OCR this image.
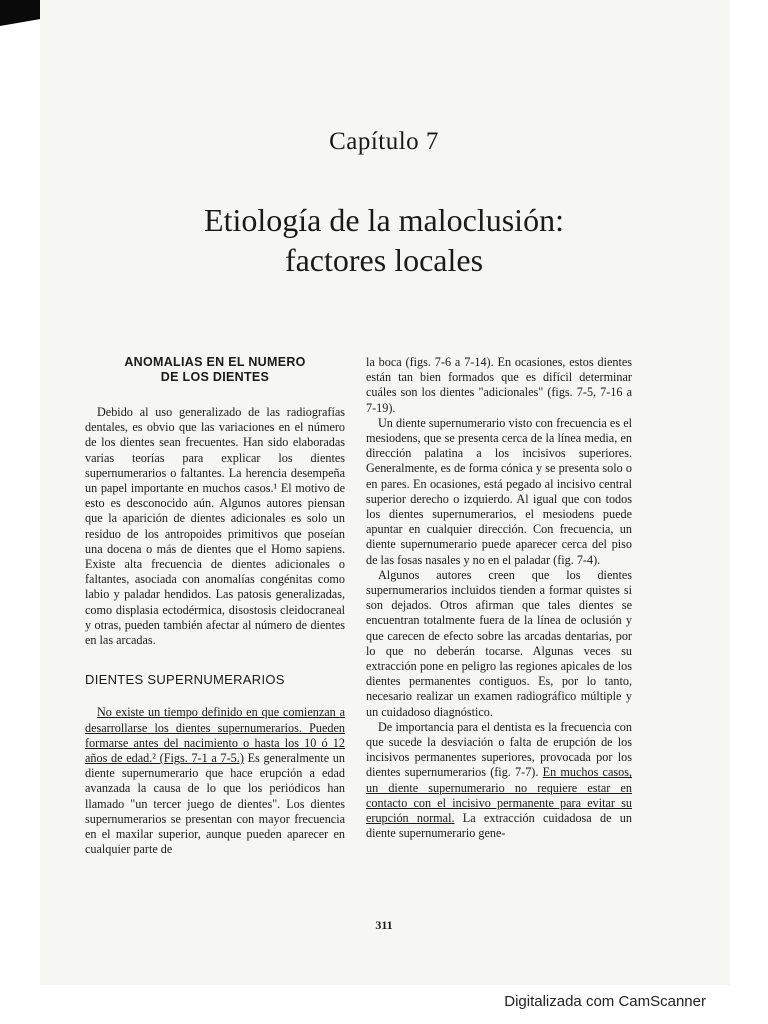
Capítulo 7
Etiología de la maloclusión:
factores locales
ANOMALIAS EN EL NUMERO
DE LOS DIENTES

Debido al uso generalizado de las radiografías dentales, es obvio que las variaciones en el número de los dientes sean frecuentes. Han sido elaboradas varias teorías para explicar los dientes supernumerarios o faltantes. La herencia desempeña un papel importante en muchos casos.¹ El motivo de esto es desconocido aún. Algunos autores piensan que la aparición de dientes adicionales es solo un residuo de los antropoides primitivos que poseían una docena o más de dientes que el Homo sapiens. Existe alta frecuencia de dientes adicionales o faltantes, asociada con anomalías congénitas como labio y paladar hendidos. Las patosis generalizadas, como displasia ectodérmica, disostosis cleidocraneal y otras, pueden también afectar al número de dientes en las arcadas.

DIENTES SUPERNUMERARIOS

No existe un tiempo definido en que comienzan a desarrollarse los dientes supernumerarios. Pueden formarse antes del nacimiento o hasta los 10 ó 12 años de edad.² (Figs. 7-1 a 7-5.) Es generalmente un diente supernumerario que hace erupción a edad avanzada la causa de lo que los periódicos han llamado "un tercer juego de dientes". Los dientes supernumerarios se presentan con mayor frecuencia en el maxilar superior, aunque pueden aparecer en cualquier parte de

la boca (figs. 7-6 a 7-14). En ocasiones, estos dientes están tan bien formados que es difícil determinar cuáles son los dientes "adicionales" (figs. 7-5, 7-16 a 7-19).

Un diente supernumerario visto con frecuencia es el mesiodens, que se presenta cerca de la línea media, en dirección palatina a los incisivos superiores. Generalmente, es de forma cónica y se presenta solo o en pares. En ocasiones, está pegado al incisivo central superior derecho o izquierdo. Al igual que con todos los dientes supernumerarios, el mesiodens puede apuntar en cualquier dirección. Con frecuencia, un diente supernumerario puede aparecer cerca del piso de las fosas nasales y no en el paladar (fig. 7-4).

Algunos autores creen que los dientes supernumerarios incluidos tienden a formar quistes si son dejados. Otros afirman que tales dientes se encuentran totalmente fuera de la línea de oclusión y que carecen de efecto sobre las arcadas dentarias, por lo que no deberán tocarse. Algunas veces su extracción pone en peligro las regiones apicales de los dientes permanentes contiguos. Es, por lo tanto, necesario realizar un examen radiográfico múltiple y un cuidadoso diagnóstico.

De importancia para el dentista es la frecuencia con que sucede la desviación o falta de erupción de los incisivos permanentes superiores, provocada por los dientes supernumerarios (fig. 7-7). En muchos casos, un diente supernumerario no requiere estar en contacto con el incisivo permanente para evitar su erupción normal. La extracción cuidadosa de un diente supernumerario gene-

311
Digitalizada com CamScanner
